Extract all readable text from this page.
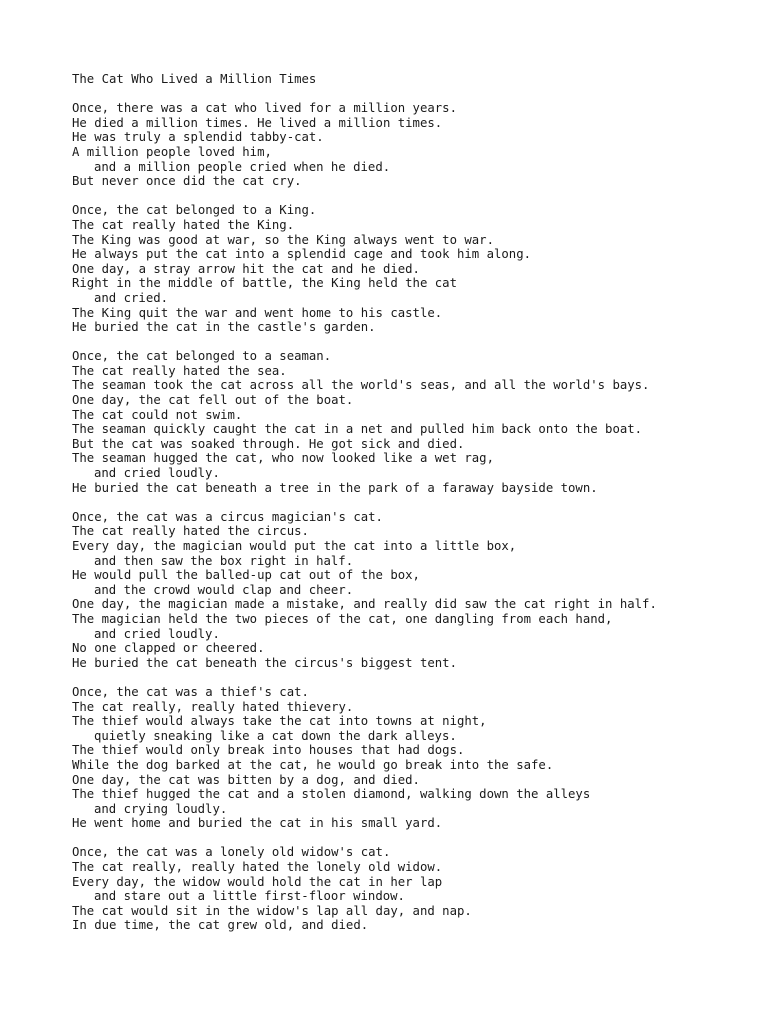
The Cat Who Lived a Million Times
Once, there was a cat who lived for a million years.
He died a million times. He lived a million times.
He was truly a splendid tabby-cat.
A million people loved him,
and a million people cried when he died.
But never once did the cat cry.
Once, the cat belonged to a King.
The cat really hated the King.
The King was good at war, so the King always went to war.
He always put the cat into a splendid cage and took him along.
One day, a stray arrow hit the cat and he died.
Right in the middle of battle, the King held the cat
and cried.
The King quit the war and went home to his castle.
He buried the cat in the castle's garden.
Once, the cat belonged to a seaman.
The cat really hated the sea.
The seaman took the cat across all the world's seas, and all the world's bays.
One day, the cat fell out of the boat.
The cat could not swim.
The seaman quickly caught the cat in a net and pulled him back onto the boat.
But the cat was soaked through. He got sick and died.
The seaman hugged the cat, who now looked like a wet rag,
and cried loudly.
He buried the cat beneath a tree in the park of a faraway bayside town.
Once, the cat was a circus magician's cat.
The cat really hated the circus.
Every day, the magician would put the cat into a little box,
and then saw the box right in half.
He would pull the balled-up cat out of the box,
and the crowd would clap and cheer.
One day, the magician made a mistake, and really did saw the cat right in half.
The magician held the two pieces of the cat, one dangling from each hand,
and cried loudly.
No one clapped or cheered.
He buried the cat beneath the circus's biggest tent.
Once, the cat was a thief's cat.
The cat really, really hated thievery.
The thief would always take the cat into towns at night,
quietly sneaking like a cat down the dark alleys.
The thief would only break into houses that had dogs.
While the dog barked at the cat, he would go break into the safe.
One day, the cat was bitten by a dog, and died.
The thief hugged the cat and a stolen diamond, walking down the alleys
and crying loudly.
He went home and buried the cat in his small yard.
Once, the cat was a lonely old widow's cat.
The cat really, really hated the lonely old widow.
Every day, the widow would hold the cat in her lap
and stare out a little first-floor window.
The cat would sit in the widow's lap all day, and nap.
In due time, the cat grew old, and died.
